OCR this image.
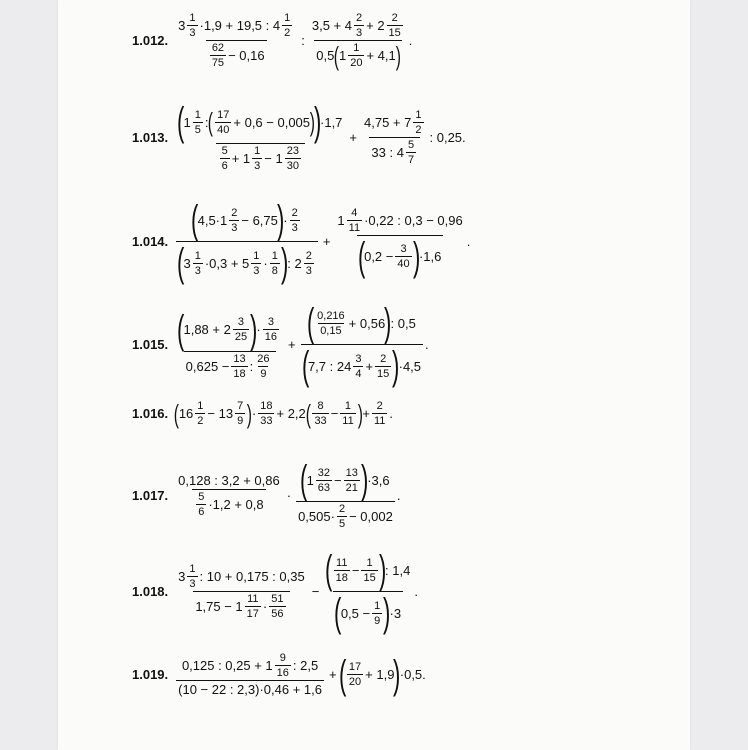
1.012. $\frac{3 \frac{1}{3} \cdot 1,9 + 19,5 : 4 \frac{1}{2}}{\frac{62}{75} - 0,16}$ : $\frac{3,5 + 4 \frac{2}{3} + 2 \frac{2}{15}}{0,5 ( 1 \frac{1}{20} + 4,1 )}$ .
1.013. (
$1 \frac{1}{5}$ : ( $\frac{17}{40} + 0,6 - 0,005$ )
)
·1,7
$\frac{5}{6} + 1 \frac{1}{3} - 1 \frac{23}{30} + \frac{4,75 + 7 \frac{1}{2}}{33 : 4 \frac{5}{7}}$ : 0,25.
1.014. (
$4,5\cdot 1 \frac{2}{3} - 6,75$
)
· $\frac{2}{3}$
(
$3 \frac{1}{3} \cdot 0,3 + 5 \frac{1}{3} \cdot \frac{1}{8}$ )
: $2 \frac{2}{3} + 1 \frac{4}{11} \cdot 0,22$ : 0,3 − 0,96
(
$0,2 - \frac{3}{40}$ )
·1,6 .
1.015. (
$1,88 + 2 \frac{3}{25}$ )
· $\frac{3}{16}$
$0,625 - \frac{13}{18}$ : $\frac{26}{9}$ + ( $\frac{0,216}{0,15} + 0,56$
)
: 0,5
(
7,7 : $24 \frac{3}{4} + \frac{2}{15}$ )
·4,5 .
1.016. ( $16 \frac{1}{2} - 13 \frac{7}{9}$ ) · $\frac{18}{33} + 2,2$ ( $\frac{8}{33} - \frac{1}{11}$ ) + $\frac{2}{11}$ .
1.017. $\frac{0,128 : 3,2 + 0,86}{\frac{5}{6} \cdot 1,2 + 0,8}$ · (
$1 \frac{32}{63} - \frac{13}{21}$ )
·3,6
$0,505\cdot \frac{2}{5} - 0,002$ .
1.018. $\frac{3 \frac{1}{3} : 10 + 0,175 : 0,35}{1,75 - 1 \frac{11}{17} \cdot \frac{51}{56}}$ − ( $\frac{11}{18} - \frac{1}{15}$ )
: 1,4
(
$0,5 - \frac{1}{9}$ )
·3 .
1.019. $\frac{0,125 : 0,25 + 1 \frac{9}{16} : 2,5}{(10 - 22 : 2,3)\cdot 0,46 + 1,6}$ + ( $\frac{17}{20} + 1,9$
)
·0,5.
